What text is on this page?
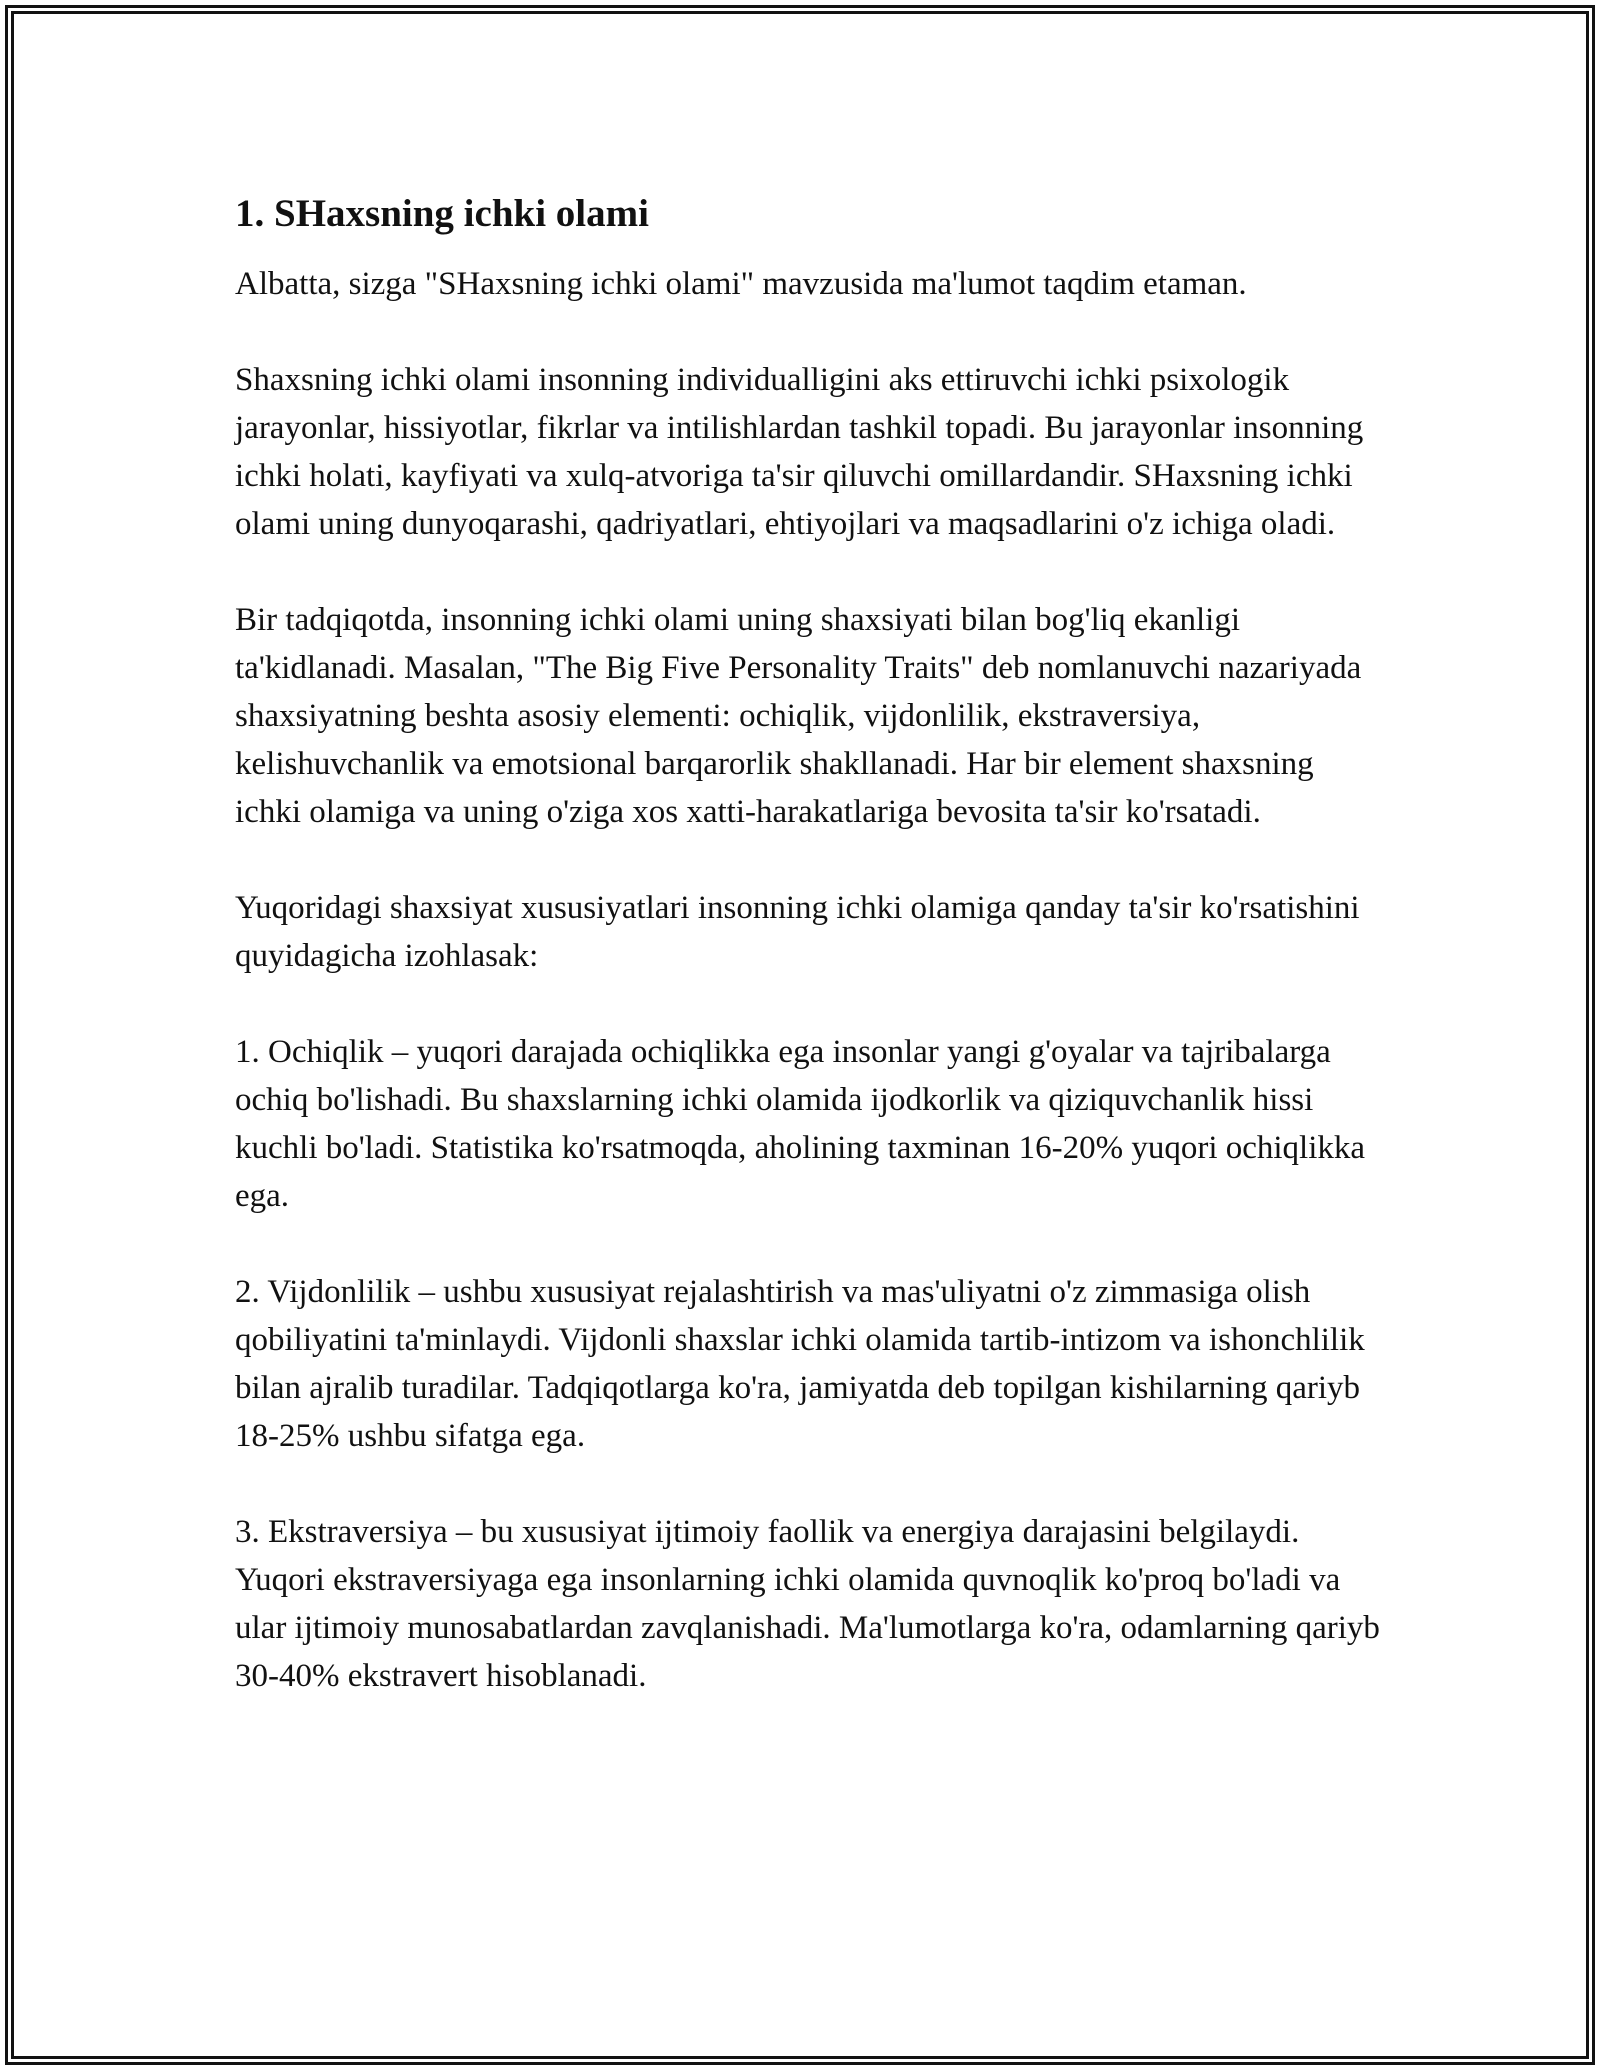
1. SHaxsning ichki olami

Albatta, sizga "SHaxsning ichki olami" mavzusida ma'lumot taqdim etaman.

Shaxsning ichki olami insonning individualligini aks ettiruvchi ichki psixologik jarayonlar, hissiyotlar, fikrlar va intilishlardan tashkil topadi. Bu jarayonlar insonning ichki holati, kayfiyati va xulq-atvoriga ta'sir qiluvchi omillardandir. SHaxsning ichki olami uning dunyoqarashi, qadriyatlari, ehtiyojlari va maqsadlarini o'z ichiga oladi.

Bir tadqiqotda, insonning ichki olami uning shaxsiyati bilan bog'liq ekanligi ta'kidlanadi. Masalan, "The Big Five Personality Traits" deb nomlanuvchi nazariyada shaxsiyatning beshta asosiy elementi: ochiqlik, vijdonlilik, ekstraversiya, kelishuvchanlik va emotsional barqarorlik shakllanadi. Har bir element shaxsning ichki olamiga va uning o'ziga xos xatti-harakatlariga bevosita ta'sir ko'rsatadi.

Yuqoridagi shaxsiyat xususiyatlari insonning ichki olamiga qanday ta'sir ko'rsatishini quyidagicha izohlasak:

1. Ochiqlik – yuqori darajada ochiqlikka ega insonlar yangi g'oyalar va tajribalarga ochiq bo'lishadi. Bu shaxslarning ichki olamida ijodkorlik va qiziquvchanlik hissi kuchli bo'ladi. Statistika ko'rsatmoqda, aholining taxminan 16-20% yuqori ochiqlikka ega.

2. Vijdonlilik – ushbu xususiyat rejalashtirish va mas'uliyatni o'z zimmasiga olish qobiliyatini ta'minlaydi. Vijdonli shaxslar ichki olamida tartib-intizom va ishonchlilik bilan ajralib turadilar. Tadqiqotlarga ko'ra, jamiyatda deb topilgan kishilarning qariyb 18-25% ushbu sifatga ega.

3. Ekstraversiya – bu xususiyat ijtimoiy faollik va energiya darajasini belgilaydi. Yuqori ekstraversiyaga ega insonlarning ichki olamida quvnoqlik ko'proq bo'ladi va ular ijtimoiy munosabatlardan zavqlanishadi. Ma'lumotlarga ko'ra, odamlarning qariyb 30-40% ekstravert hisoblanadi.
